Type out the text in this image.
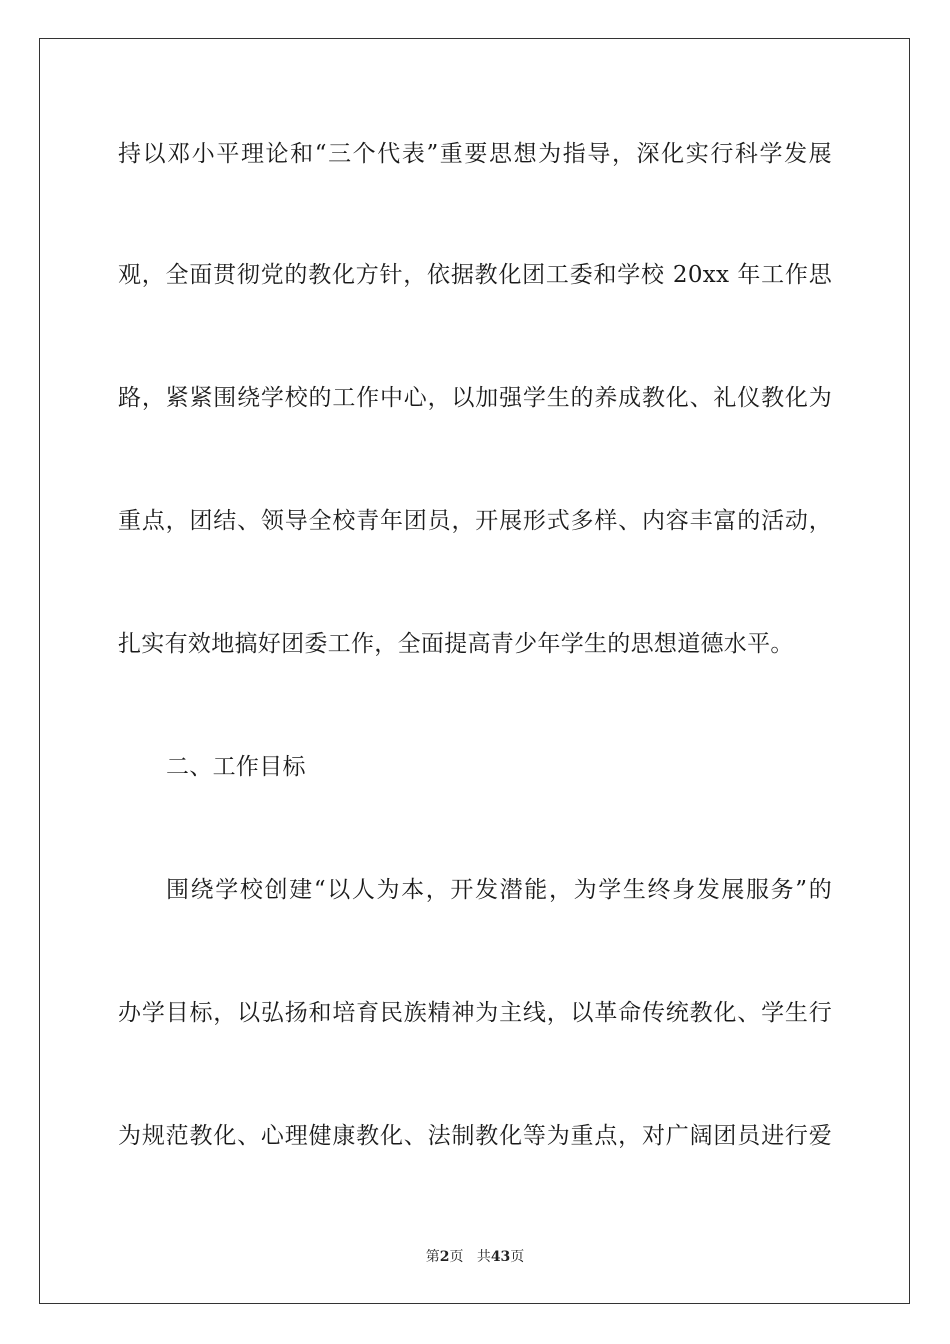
持以邓小平理论和“三个代表”重要思想为指导，深化实行科学发展
观，全面贯彻党的教化方针，依据教化团工委和学校 20xx 年工作思
路，紧紧围绕学校的工作中心，以加强学生的养成教化、礼仪教化为
重点，团结、领导全校青年团员，开展形式多样、内容丰富的活动，
扎实有效地搞好团委工作，全面提高青少年学生的思想道德水平。
二、工作目标
围绕学校创建“以人为本，开发潜能，为学生终身发展服务”的
办学目标，以弘扬和培育民族精神为主线，以革命传统教化、学生行
为规范教化、心理健康教化、法制教化等为重点，对广阔团员进行爱
第2页 共43页
